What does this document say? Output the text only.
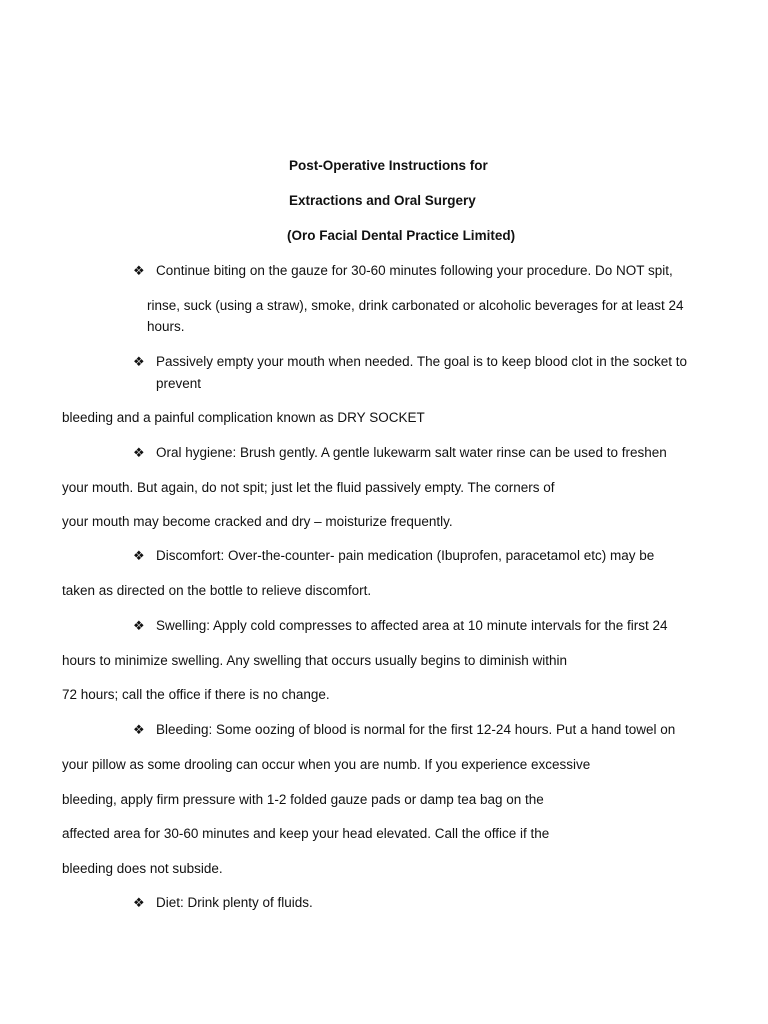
Post-Operative Instructions for
Extractions and Oral Surgery
(Oro Facial Dental Practice Limited)
❖ Continue biting on the gauze for 30-60 minutes following your procedure. Do NOT spit,
rinse, suck (using a straw), smoke, drink carbonated or alcoholic beverages for at least 24
hours.
❖ Passively empty your mouth when needed. The goal is to keep blood clot in the socket to
prevent
bleeding and a painful complication known as DRY SOCKET
❖ Oral hygiene: Brush gently. A gentle lukewarm salt water rinse can be used to freshen
your mouth. But again, do not spit; just let the fluid passively empty. The corners of
your mouth may become cracked and dry – moisturize frequently.
❖ Discomfort: Over-the-counter- pain medication (Ibuprofen, paracetamol etc) may be
taken as directed on the bottle to relieve discomfort.
❖ Swelling: Apply cold compresses to affected area at 10 minute intervals for the first 24
hours to minimize swelling. Any swelling that occurs usually begins to diminish within
72 hours; call the office if there is no change.
❖ Bleeding: Some oozing of blood is normal for the first 12-24 hours. Put a hand towel on
your pillow as some drooling can occur when you are numb. If you experience excessive
bleeding, apply firm pressure with 1-2 folded gauze pads or damp tea bag on the
affected area for 30-60 minutes and keep your head elevated. Call the office if the
bleeding does not subside.
❖ Diet: Drink plenty of fluids.
